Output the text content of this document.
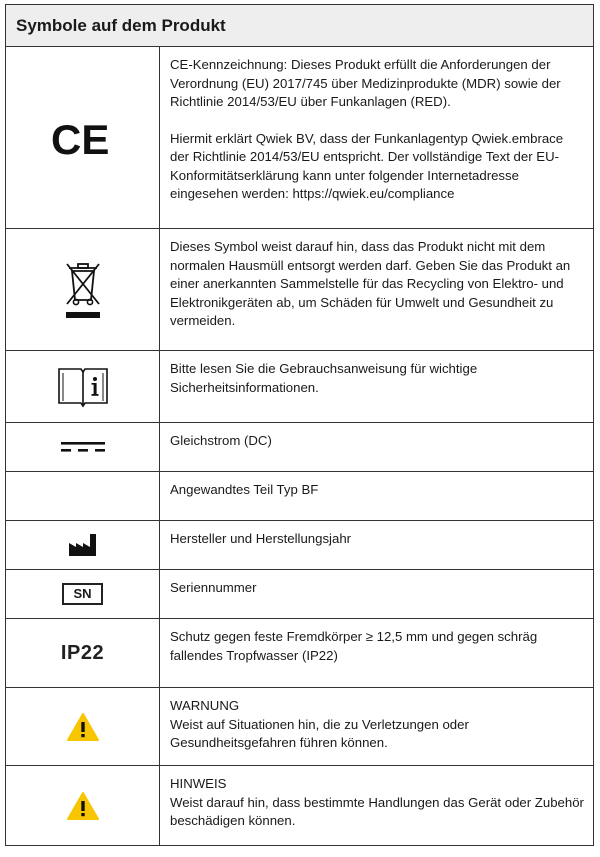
Symbole auf dem Produkt
CE

CE-Kennzeichnung: Dieses Produkt erfüllt die Anforderungen der Verordnung (EU) 2017/745 über Medizinprodukte (MDR) sowie der Richtlinie 2014/53/EU über Funkanlagen (RED).

Hiermit erklärt Qwiek BV, dass der Funkanlagentyp Qwiek.embrace der Richtlinie 2014/53/EU entspricht. Der vollständige Text der EU-Konformitätserklärung kann unter folgender Internetadresse eingesehen werden: https://qwiek.eu/compliance

Dieses Symbol weist darauf hin, dass das Produkt nicht mit dem normalen Hausmüll entsorgt werden darf. Geben Sie das Produkt an einer anerkannten Sammelstelle für das Recycling von Elektro- und Elektronikgeräten ab, um Schäden für Umwelt und Gesundheit zu vermeiden.

Bitte lesen Sie die Gebrauchsanweisung für wichtige Sicherheitsinformationen.

Gleichstrom (DC)

Angewandtes Teil Typ BF

Hersteller und Herstellungsjahr

SN	Seriennummer

IP22

Schutz gegen feste Fremdkörper ≥ 12,5 mm und gegen schräg fallendes Tropfwasser (IP22)

WARNUNG

Weist auf Situationen hin, die zu Verletzungen oder Gesundheitsgefahren führen können.

HINWEIS

Weist darauf hin, dass bestimmte Handlungen das Gerät oder Zubehör beschädigen können.
